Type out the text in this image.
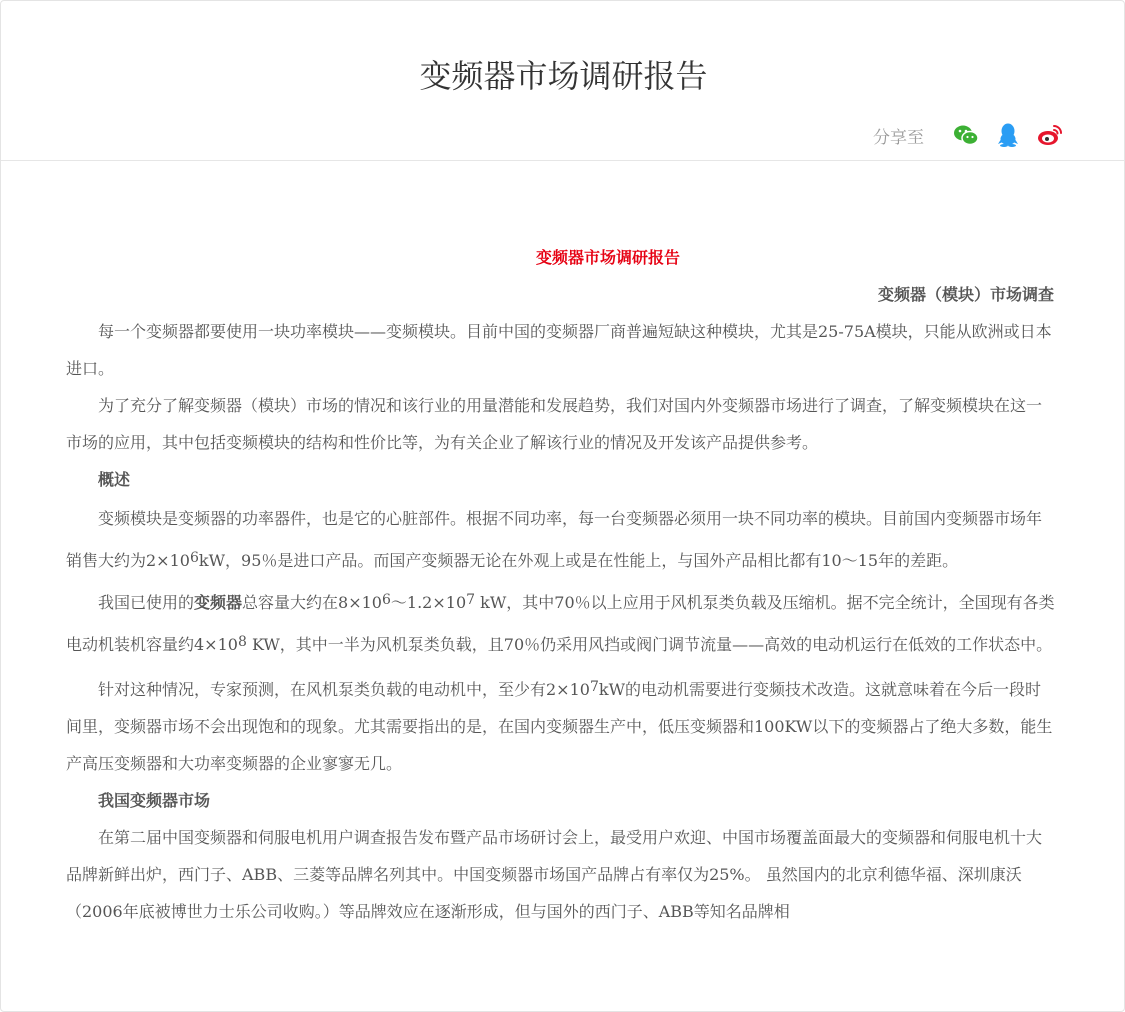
变频器市场调研报告
分享至
变频器市场调研报告
变频器（模块）市场调查

每一个变频器都要使用一块功率模块——变频模块。目前中国的变频器厂商普遍短缺这种模块，尤其是25-75A模块，只能从欧洲或日本进口。

为了充分了解变频器（模块）市场的情况和该行业的用量潜能和发展趋势，我们对国内外变频器市场进行了调查，了解变频模块在这一市场的应用，其中包括变频模块的结构和性价比等，为有关企业了解该行业的情况及开发该产品提供参考。

概述

变频模块是变频器的功率器件，也是它的心脏部件。根据不同功率，每一台变频器必须用一块不同功率的模块。目前国内变频器市场年销售大约为$2\times 10^6kW$，95％是进口产品。而国产变频器无论在外观上或是在性能上，与国外产品相比都有10～15年的差距。

我国已使用的变频器总容量大约在$8\times 10^6\sim 1.2\times 10^7$ kW，其中70％以上应用于风机泵类负载及压缩机。据不完全统计，全国现有各类电动机装机容量约$4\times 10^8$ KW，其中一半为风机泵类负载，且70％仍采用风挡或阀门调节流量——高效的电动机运行在低效的工作状态中。

针对这种情况，专家预测，在风机泵类负载的电动机中，至少有$2\times 10^7kW$的电动机需要进行变频技术改造。这就意味着在今后一段时间里，变频器市场不会出现饱和的现象。尤其需要指出的是，在国内变频器生产中，低压变频器和100KW以下的变频器占了绝大多数，能生产高压变频器和大功率变频器的企业寥寥无几。

我国变频器市场

在第二届中国变频器和伺服电机用户调查报告发布暨产品市场研讨会上，最受用户欢迎、中国市场覆盖面最大的变频器和伺服电机十大品牌新鲜出炉，西门子、ABB、三菱等品牌名列其中。中国变频器市场国产品牌占有率仅为25%。 虽然国内的北京利德华福、深圳康沃（2006年底被博世力士乐公司收购。）等品牌效应在逐渐形成，但与国外的西门子、ABB等知名品牌相
